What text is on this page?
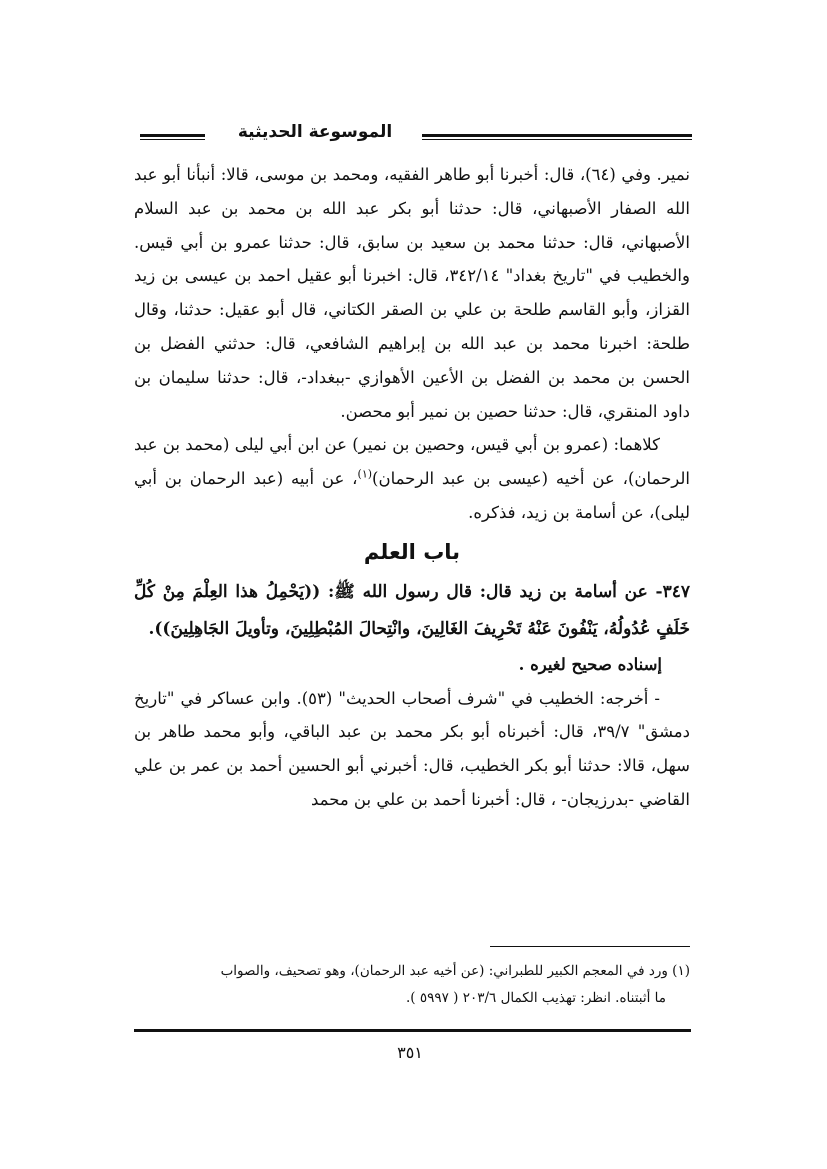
الموسوعة الحديثية

نمير. وفي (٦٤)، قال: أخبرنا أبو طاهر الفقيه، ومحمد بن موسى، قالا: أنبأنا أبو عبد الله الصفار الأصبهاني، قال: حدثنا أبو بكر عبد الله بن محمد بن عبد السلام الأصبهاني، قال: حدثنا محمد بن سعيد بن سابق، قال: حدثنا عمرو بن أبي قيس. والخطيب في "تاريخ بغداد" ٣٤٢/١٤، قال: اخبرنا أبو عقيل احمد بن عيسى بن زيد القزاز، وأبو القاسم طلحة بن علي بن الصقر الكتاني، قال أبو عقيل: حدثنا، وقال طلحة: اخبرنا محمد بن عبد الله بن إبراهيم الشافعي، قال: حدثني الفضل بن الحسن بن محمد بن الفضل بن الأعين الأهوازي -ببغداد-، قال: حدثنا سليمان بن داود المنقري، قال: حدثنا حصين بن نمير أبو محصن.

كلاهما: (عمرو بن أبي قيس، وحصين بن نمير) عن ابن أبي ليلى (محمد بن عبد الرحمان)، عن أخيه (عيسى بن عبد الرحمان)$^{(١)}$، عن أبيه (عبد الرحمان بن أبي ليلى)، عن أسامة بن زيد، فذكره.

باب العلم

٣٤٧- عن أسامة بن زيد قال: قال رسول الله ﷺ: ((يَحْمِلُ هذا العِلْمَ مِنْ كُلِّ خَلَفٍ عُدُولُهُ، يَنْفُونَ عَنْهُ تَحْرِيفَ الغَالِينَ، وانْتِحالَ المُبْطِلِينَ، وتأويلَ الجَاهِلِينَ)).

إسناده صحيح لغيره .

- أخرجه: الخطيب في "شرف أصحاب الحديث" (٥٣). وابن عساكر في "تاريخ دمشق" ٣٩/٧، قال: أخبرناه أبو بكر محمد بن عبد الباقي، وأبو محمد طاهر بن سهل، قالا: حدثنا أبو بكر الخطيب، قال: أخبرني أبو الحسين أحمد بن عمر بن علي القاضي -بدرزيجان- ، قال: أخبرنا أحمد بن علي بن محمد

(١) ورد في المعجم الكبير للطبراني: (عن أخيه عبد الرحمان)، وهو تصحيف، والصواب

ما أثبتناه. انظر: تهذيب الكمال ٢٠٣/٦ ( ٥٩٩٧ ).

٣٥١
